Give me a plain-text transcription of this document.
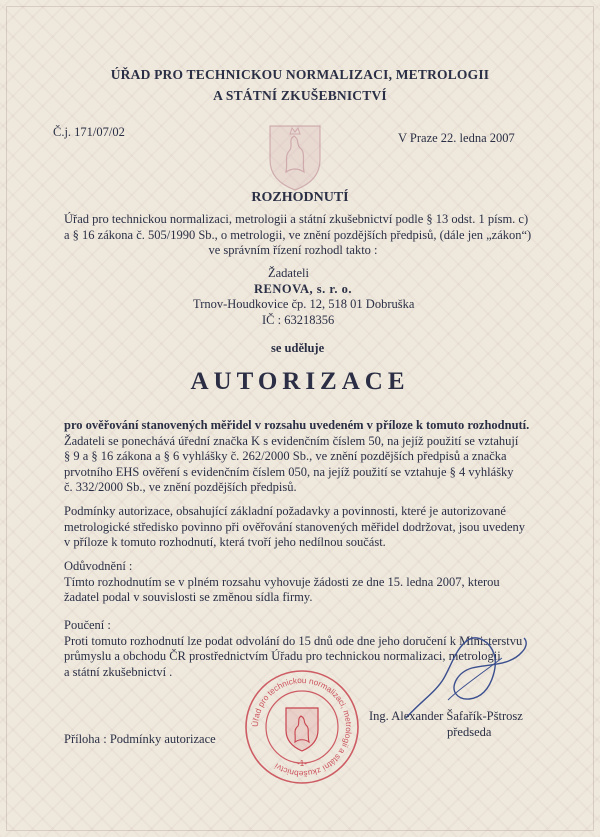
ÚŘAD PRO TECHNICKOU NORMALIZACI, METROLOGII
A STÁTNÍ ZKUŠEBNICTVÍ
Č.j. 171/07/02	V Praze 22. ledna 2007
ROZHODNUTÍ
Úřad pro technickou normalizaci, metrologii a státní zkušebnictví podle § 13 odst. 1 písm. c)
a § 16 zákona č. 505/1990 Sb., o metrologii, ve znění pozdějších předpisů, (dále jen „zákon“)
ve správním řízení rozhodl takto :
Žadateli
RENOVA, s. r. o.
Trnov-Houdkovice čp. 12, 518 01 Dobruška
IČ : 63218356
se uděluje
AUTORIZACE
pro ověřování stanovených měřidel v rozsahu uvedeném v příloze k tomuto rozhodnutí.
Žadateli se ponechává úřední značka K s evidenčním číslem 50, na jejíž použití se vztahují
§ 9 a § 16 zákona a § 6 vyhlášky č. 262/2000 Sb., ve znění pozdějších předpisů a značka
prvotního EHS ověření s evidenčním číslem 050, na jejíž použití se vztahuje § 4 vyhlášky
č. 332/2000 Sb., ve znění pozdějších předpisů.
Podmínky autorizace, obsahující základní požadavky a povinnosti, které je autorizované
metrologické středisko povinno při ověřování stanovených měřidel dodržovat, jsou uvedeny
v příloze k tomuto rozhodnutí, která tvoří jeho nedílnou součást.
Odůvodnění :
Tímto rozhodnutím se v plném rozsahu vyhovuje žádosti ze dne 15. ledna 2007, kterou
žadatel podal v souvislosti se změnou sídla firmy.
Poučení :
Proti tomuto rozhodnutí lze podat odvolání do 15 dnů ode dne jeho doručení k Ministerstvu
průmyslu a obchodu ČR prostřednictvím Úřadu pro technickou normalizaci, metrologii
a státní zkušebnictví .
Úřad pro technickou normalizaci, metrologii a státní zkušebnictví	-1-
Ing. Alexander Šafařík-Pštrosz
předseda
Příloha : Podmínky autorizace
